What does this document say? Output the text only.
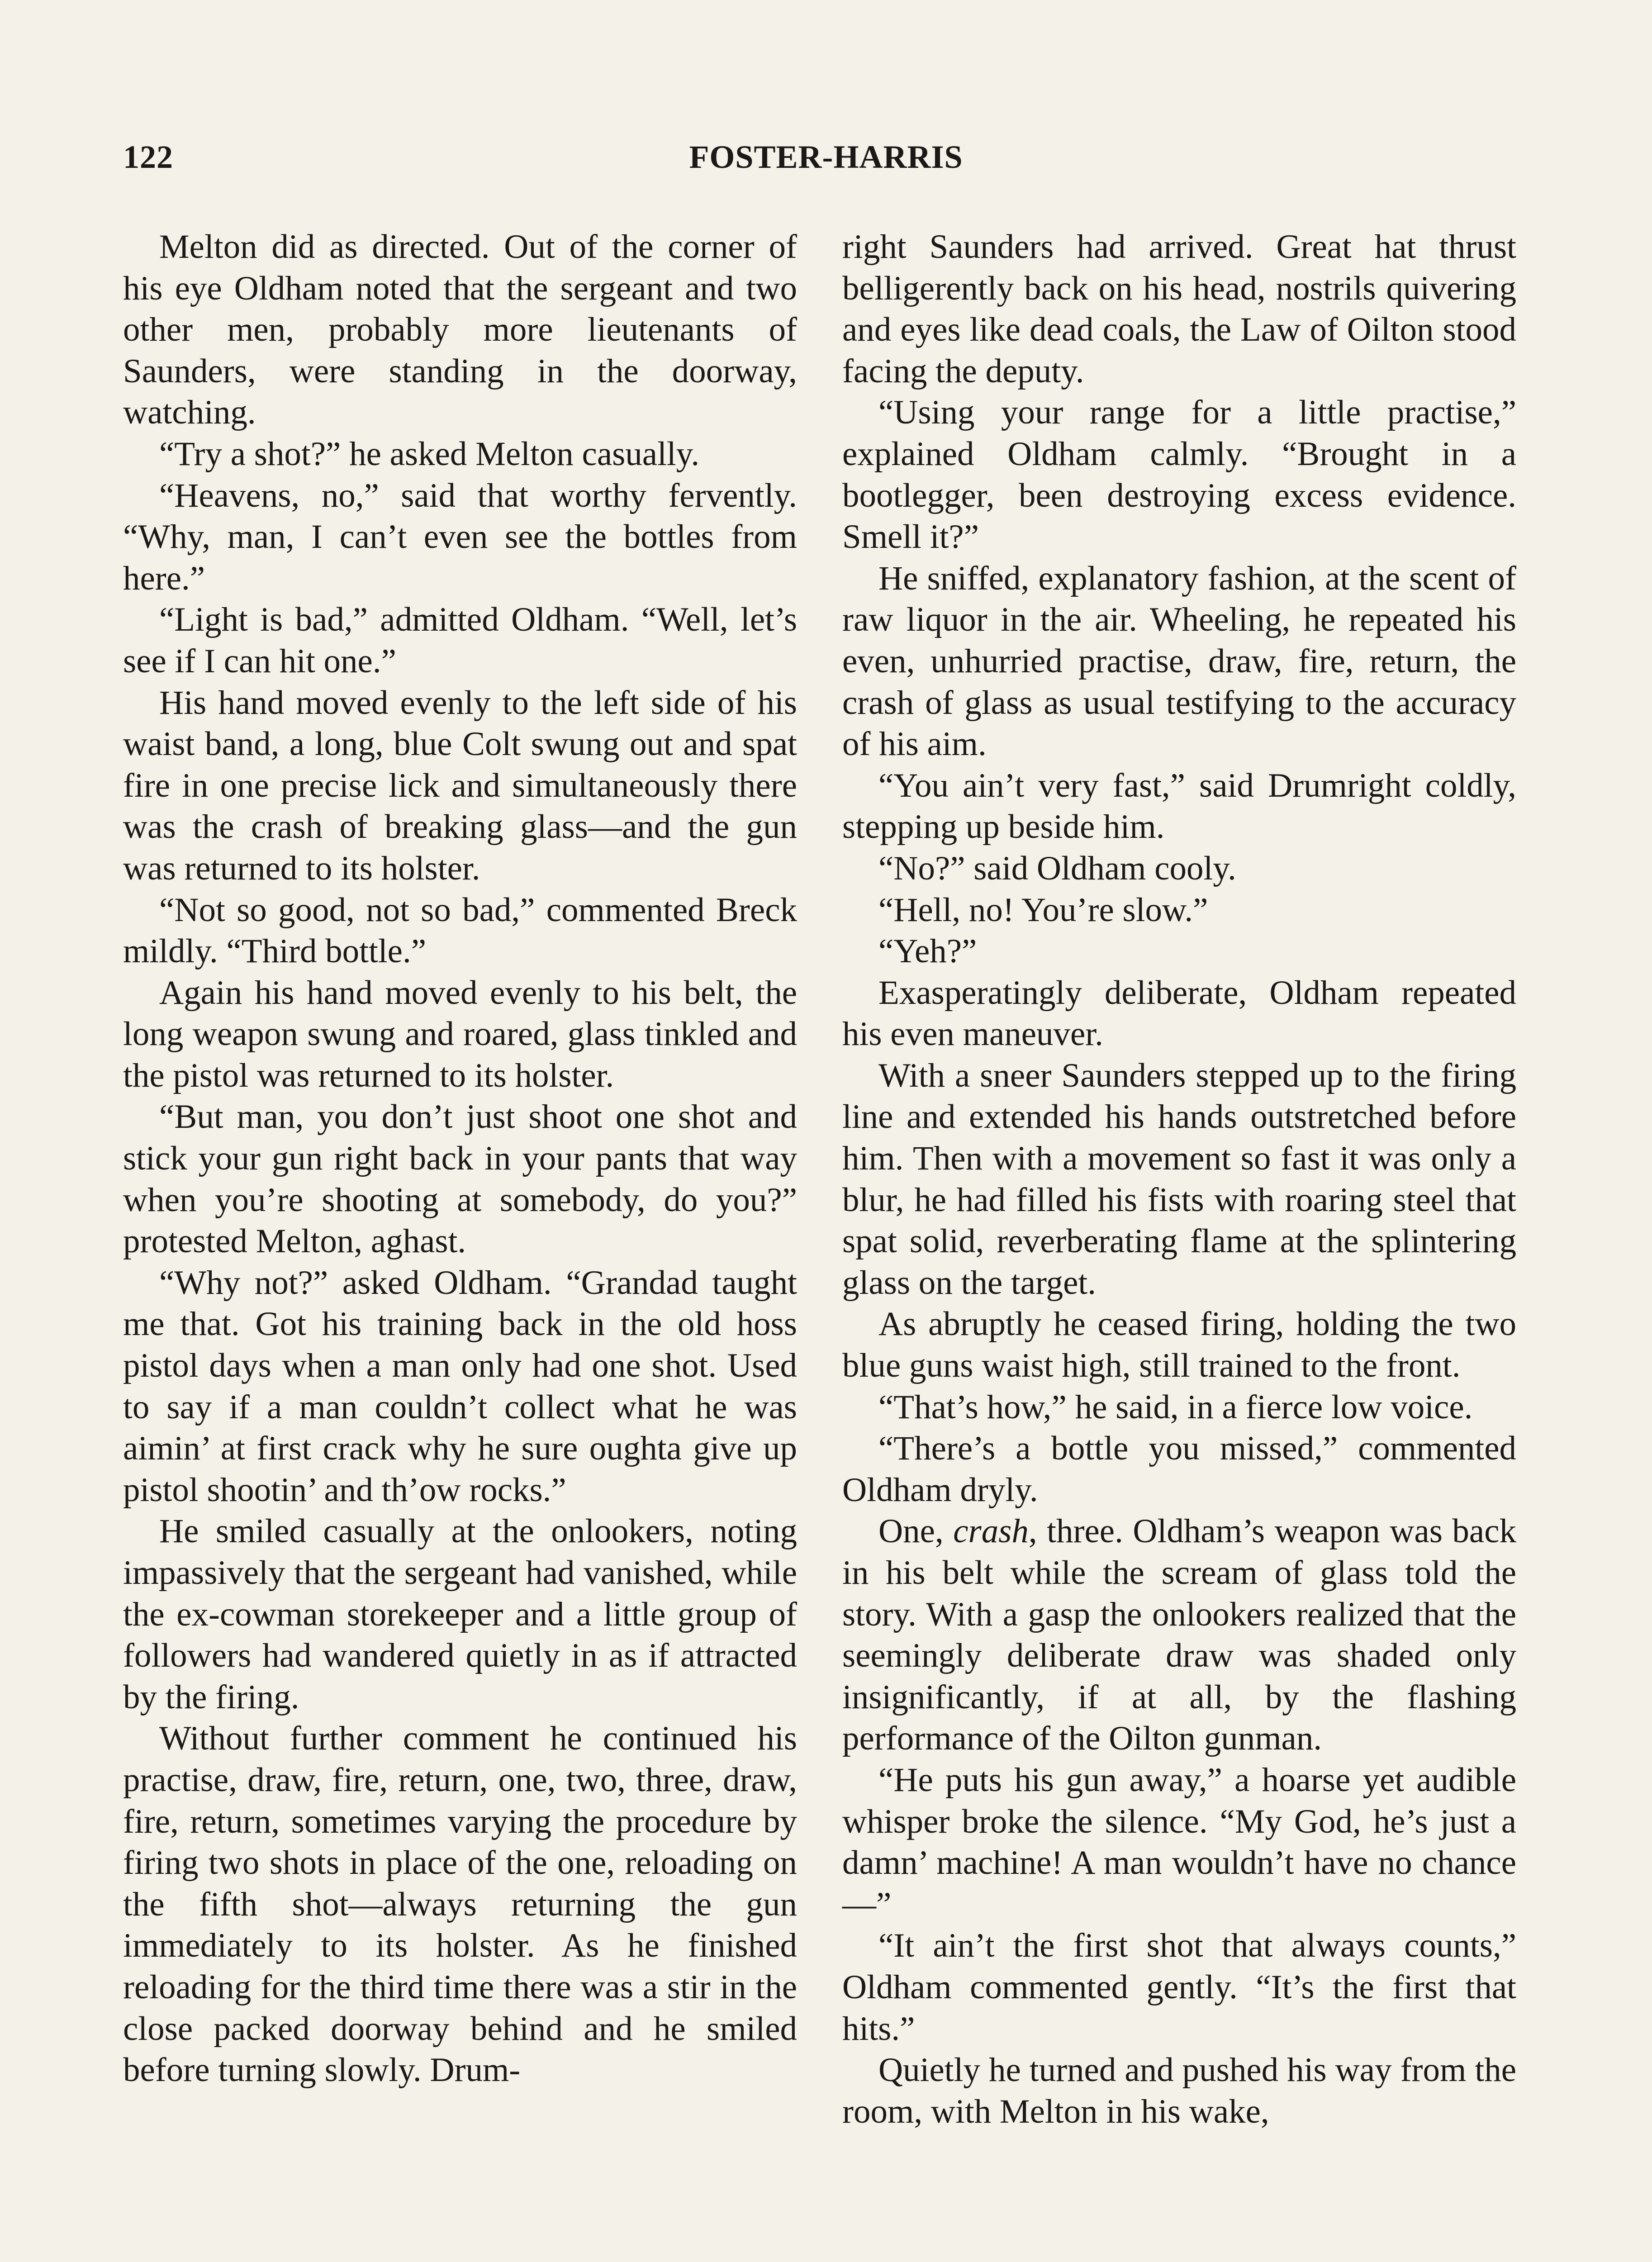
122	FOSTER-HARRIS

Melton did as directed. Out of the corner of his eye Oldham noted that the sergeant and two other men, probably more lieutenants of Saunders, were standing in the doorway, watching.

“Try a shot?” he asked Melton casually.

“Heavens, no,” said that worthy fervently. “Why, man, I can’t even see the bottles from here.”

“Light is bad,” admitted Oldham. “Well, let’s see if I can hit one.”

His hand moved evenly to the left side of his waist band, a long, blue Colt swung out and spat fire in one precise lick and simultaneously there was the crash of breaking glass—and the gun was returned to its holster.

“Not so good, not so bad,” commented Breck mildly. “Third bottle.”

Again his hand moved evenly to his belt, the long weapon swung and roared, glass tinkled and the pistol was returned to its holster.

“But man, you don’t just shoot one shot and stick your gun right back in your pants that way when you’re shooting at somebody, do you?” protested Melton, aghast.

“Why not?” asked Oldham. “Grandad taught me that. Got his training back in the old hoss pistol days when a man only had one shot. Used to say if a man couldn’t collect what he was aimin’ at first crack why he sure oughta give up pistol shootin’ and th’ow rocks.”

He smiled casually at the onlookers, noting impassively that the sergeant had vanished, while the ex-cowman storekeeper and a little group of followers had wandered quietly in as if attracted by the firing.

Without further comment he continued his practise, draw, fire, return, one, two, three, draw, fire, return, sometimes varying the procedure by firing two shots in place of the one, reloading on the fifth shot—always returning the gun immediately to its holster. As he finished reloading for the third time there was a stir in the close packed doorway behind and he smiled before turning slowly. Drum-

right Saunders had arrived. Great hat thrust belligerently back on his head, nostrils quivering and eyes like dead coals, the Law of Oilton stood facing the deputy.

“Using your range for a little practise,” explained Oldham calmly. “Brought in a bootlegger, been destroying excess evidence. Smell it?”

He sniffed, explanatory fashion, at the scent of raw liquor in the air. Wheeling, he repeated his even, unhurried practise, draw, fire, return, the crash of glass as usual testifying to the accuracy of his aim.

“You ain’t very fast,” said Drumright coldly, stepping up beside him.

“No?” said Oldham cooly.

“Hell, no! You’re slow.”

“Yeh?”

Exasperatingly deliberate, Oldham repeated his even maneuver.

With a sneer Saunders stepped up to the firing line and extended his hands outstretched before him. Then with a movement so fast it was only a blur, he had filled his fists with roaring steel that spat solid, reverberating flame at the splintering glass on the target.

As abruptly he ceased firing, holding the two blue guns waist high, still trained to the front.

“That’s how,” he said, in a fierce low voice.

“There’s a bottle you missed,” commented Oldham dryly.

One, crash, three. Oldham’s weapon was back in his belt while the scream of glass told the story. With a gasp the onlookers realized that the seemingly deliberate draw was shaded only insignificantly, if at all, by the flashing performance of the Oilton gunman.

“He puts his gun away,” a hoarse yet audible whisper broke the silence. “My God, he’s just a damn’ machine! A man wouldn’t have no chance—”

“It ain’t the first shot that always counts,” Oldham commented gently. “It’s the first that hits.”

Quietly he turned and pushed his way from the room, with Melton in his wake,
